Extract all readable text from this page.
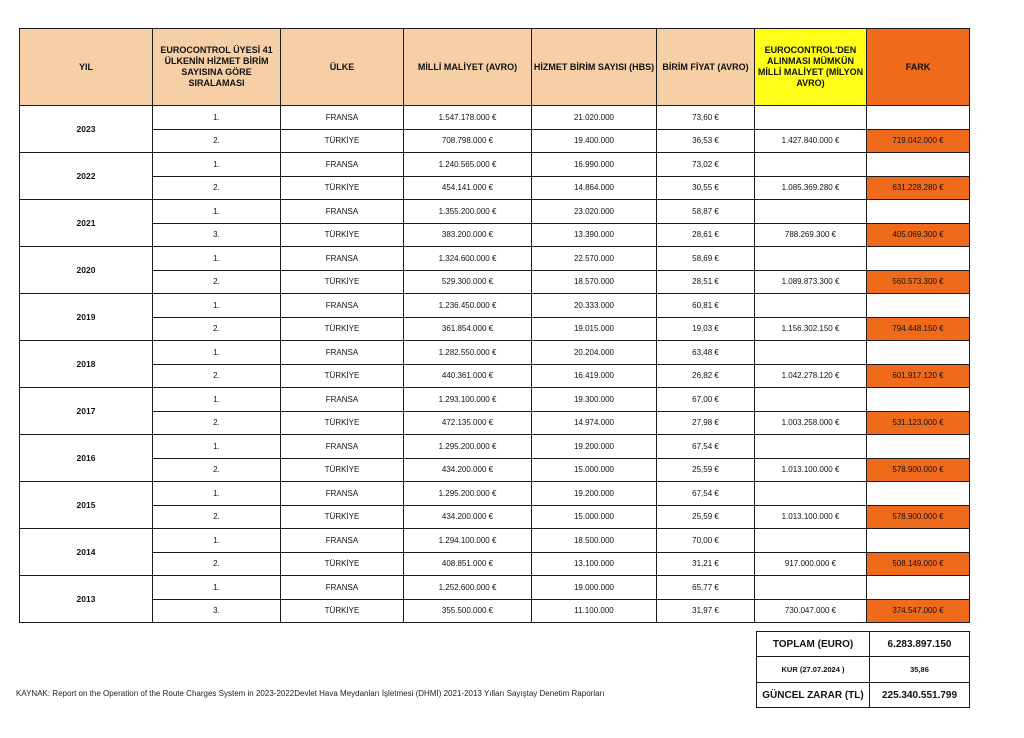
YIL	EUROCONTROL ÜYESİ 41 ÜLKENİN HİZMET BİRİM SAYISINA GÖRE SIRALAMASI	ÜLKE	MİLLİ MALİYET (AVRO)	HİZMET BİRİM SAYISI (HBS)	BİRİM FİYAT (AVRO)	EUROCONTROL'DEN ALINMASI MÜMKÜN MİLLİ MALİYET (MİLYON AVRO)	FARK
2023	1.	FRANSA	1.547.178.000 €	21.020.000	73,60 €		
	2.	TÜRKİYE	708.798.000 €	19.400.000	36,53 €	1.427.840.000 €	719.042.000 €
2022	1.	FRANSA	1.240.565.000 €	16.990.000	73,02 €		
	2.	TÜRKİYE	454.141.000 €	14.864.000	30,55 €	1.085.369.280 €	631.228.280 €
2021	1.	FRANSA	1.355.200.000 €	23.020.000	58,87 €		
	3.	TÜRKİYE	383.200.000 €	13.390.000	28,61 €	788.269.300 €	405.069.300 €
2020	1.	FRANSA	1.324.600.000 €	22.570.000	58,69 €		
	2.	TÜRKİYE	529.300.000 €	18.570.000	28,51 €	1.089.873.300 €	560.573.300 €
2019	1.	FRANSA	1.236.450.000 €	20.333.000	60,81 €		
	2.	TÜRKİYE	361.854.000 €	19.015.000	19,03 €	1.156.302.150 €	794.448.150 €
2018	1.	FRANSA	1.282.550.000 €	20.204.000	63,48 €		
	2.	TÜRKİYE	440.361.000 €	16.419.000	26,82 €	1.042.278.120 €	601.917.120 €
2017	1.	FRANSA	1.293.100.000 €	19.300.000	67,00 €		
	2.	TÜRKİYE	472.135.000 €	14.974.000	27,98 €	1.003.258.000 €	531.123.000 €
2016	1.	FRANSA	1.295.200.000 €	19.200.000	67,54 €		
	2.	TÜRKİYE	434.200.000 €	15.000.000	25,59 €	1.013.100.000 €	578.900.000 €
2015	1.	FRANSA	1.295.200.000 €	19.200.000	67,54 €		
	2.	TÜRKİYE	434.200.000 €	15.000.000	25,59 €	1.013.100.000 €	578.900.000 €
2014	1.	FRANSA	1.294.100.000 €	18.500.000	70,00 €		
	2.	TÜRKİYE	408.851.000 €	13.100.000	31,21 €	917.000.000 €	508.149.000 €
2013	1.	FRANSA	1.252.600.000 €	19.000.000	65,77 €		
	3.	TÜRKİYE	355.500.000 €	11.100.000	31,97 €	730.047.000 €	374.547.000 €
TOPLAM (EURO)	6.283.897.150
KUR (27.07.2024 )	35,86
GÜNCEL ZARAR (TL)	225.340.551.799
KAYNAK: Report on the Operation of the Route Charges System in 2023-2022Devlet Hava Meydanları İşletmesi (DHMİ) 2021-2013 Yılları Sayıştay Denetim Raporları
